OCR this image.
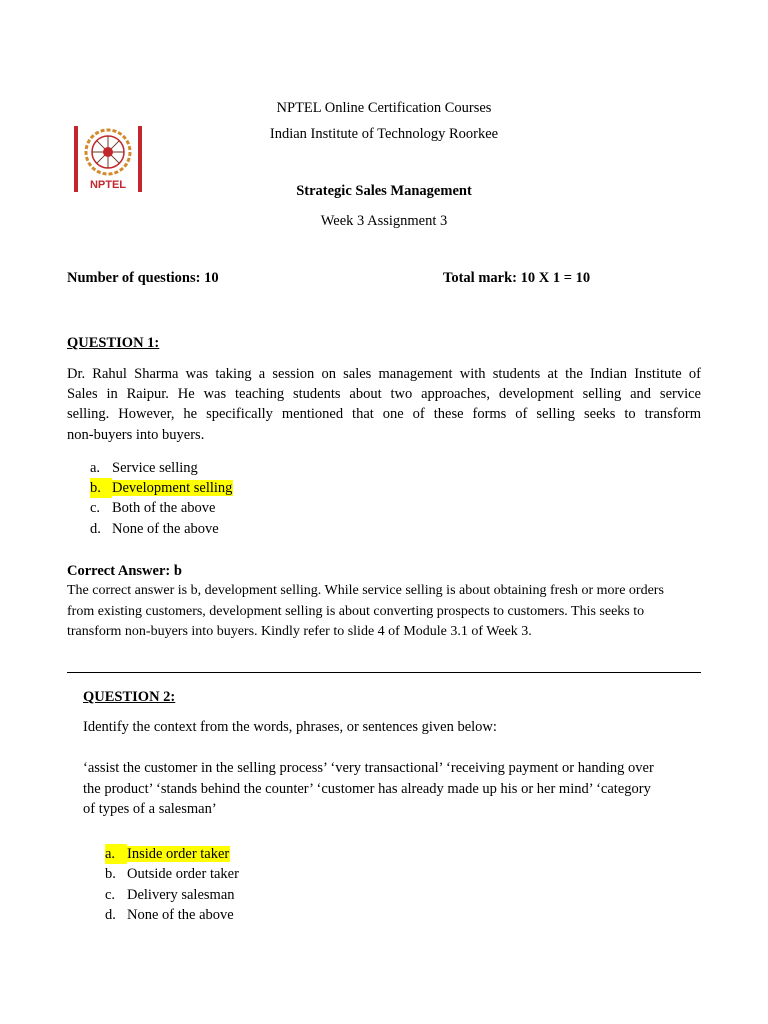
NPTEL
NPTEL Online Certification Courses
Indian Institute of Technology Roorkee
Strategic Sales Management
Week 3 Assignment 3
Number of questions: 10	Total mark: 10 X 1 = 10
QUESTION 1:
Dr. Rahul Sharma was taking a session on sales management with students at the Indian Institute of
Sales in Raipur. He was teaching students about two approaches, development selling and service
selling. However, he specifically mentioned that one of these forms of selling seeks to transform
non-buyers into buyers.
a. Service selling
b. Development selling
c. Both of the above
d. None of the above
Correct Answer: b
The correct answer is b, development selling. While service selling is about obtaining fresh or more orders
from existing customers, development selling is about converting prospects to customers. This seeks to
transform non-buyers into buyers. Kindly refer to slide 4 of Module 3.1 of Week 3.
QUESTION 2:
Identify the context from the words, phrases, or sentences given below:
‘assist the customer in the selling process’ ‘very transactional’ ‘receiving payment or handing over
the product’ ‘stands behind the counter’ ‘customer has already made up his or her mind’ ‘category
of types of a salesman’
a. Inside order taker
b. Outside order taker
c. Delivery salesman
d. None of the above
